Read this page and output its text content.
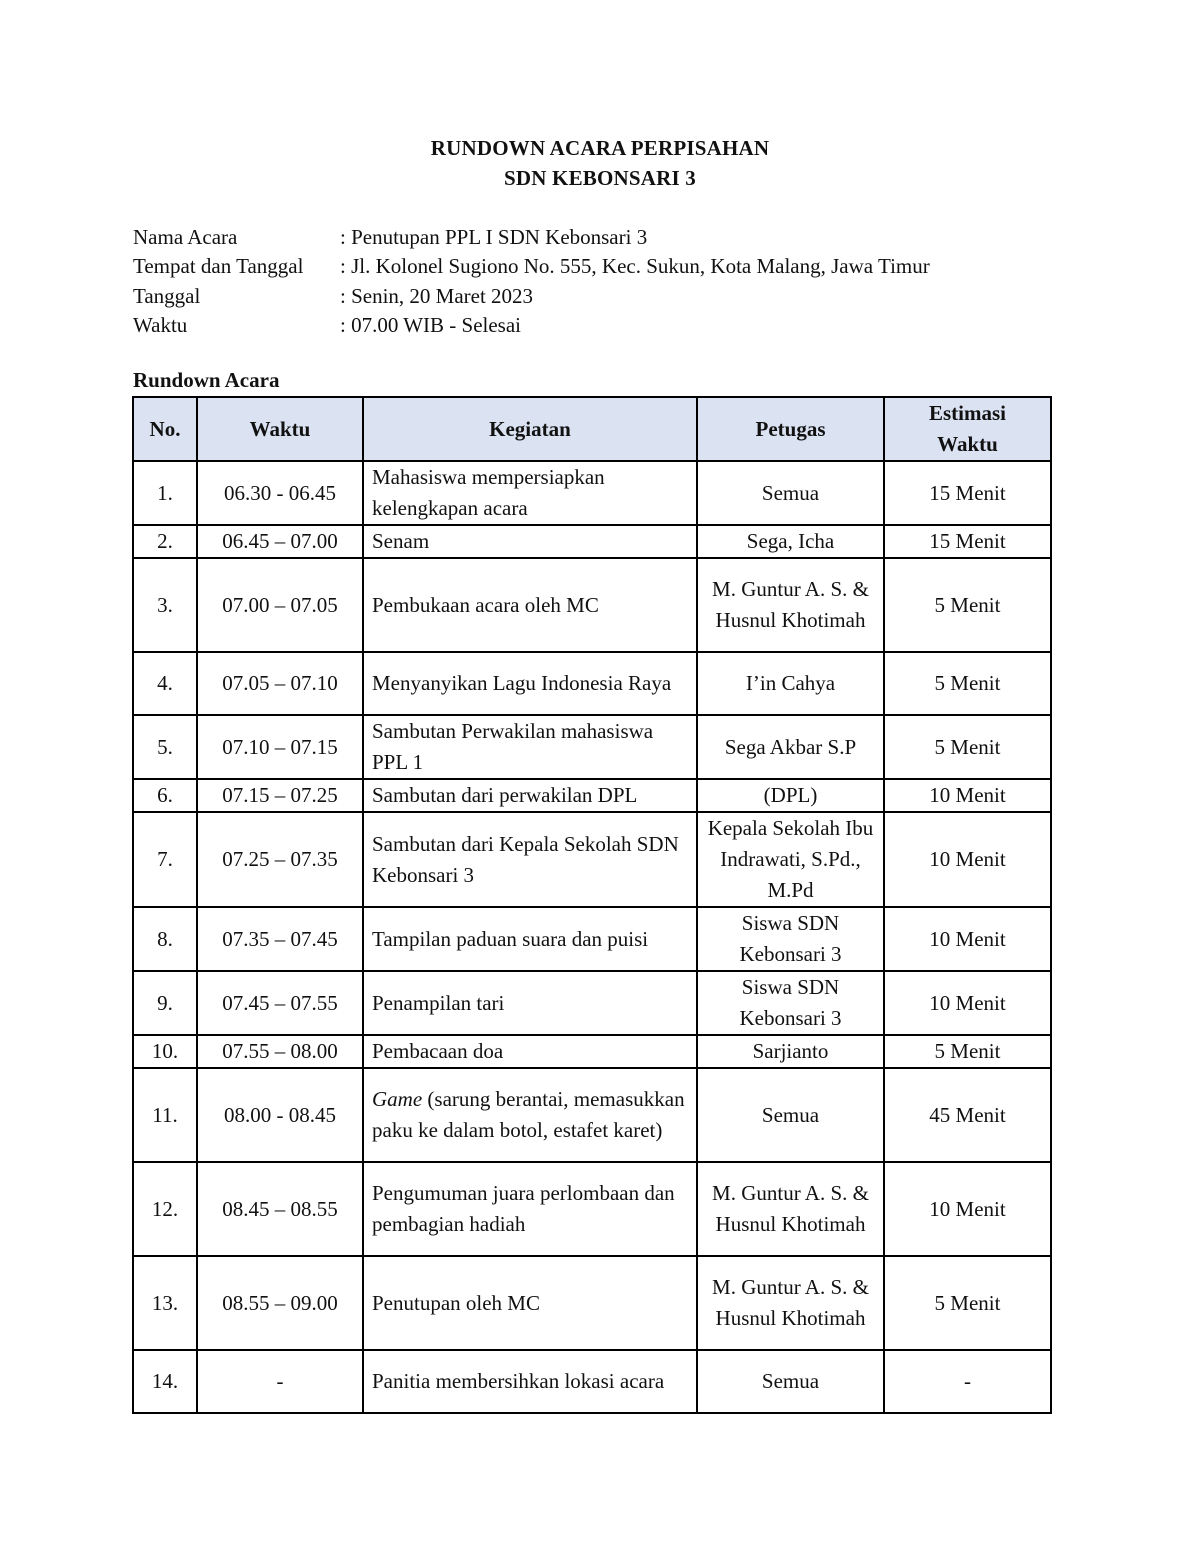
RUNDOWN ACARA PERPISAHAN
SDN KEBONSARI 3
Nama Acara	: Penutupan PPL I SDN Kebonsari 3
Tempat dan Tanggal : Jl. Kolonel Sugiono No. 555, Kec. Sukun, Kota Malang, Jawa Timur
Tanggal	: Senin, 20 Maret 2023
Waktu	: 07.00 WIB - Selesai
Rundown Acara
No.	Waktu	Kegiatan	Petugas	Estimasi
Waktu
1.	06.30 - 06.45	Mahasiswa mempersiapkan kelengkapan acara	Semua	15 Menit
2.	06.45 – 07.00	Senam	Sega, Icha	15 Menit
3.	07.00 – 07.05	Pembukaan acara oleh MC	M. Guntur A. S. & Husnul Khotimah	5 Menit
4.	07.05 – 07.10	Menyanyikan Lagu Indonesia Raya	I’in Cahya	5 Menit
5.	07.10 – 07.15	Sambutan Perwakilan mahasiswa PPL 1	Sega Akbar S.P	5 Menit
6.	07.15 – 07.25	Sambutan dari perwakilan DPL	(DPL)	10 Menit
7.	07.25 – 07.35	Sambutan dari Kepala Sekolah SDN Kebonsari 3	Kepala Sekolah Ibu Indrawati, S.Pd., M.Pd	10 Menit
8.	07.35 – 07.45	Tampilan paduan suara dan puisi	Siswa SDN Kebonsari 3	10 Menit
9.	07.45 – 07.55	Penampilan tari	Siswa SDN Kebonsari 3	10 Menit
10.	07.55 – 08.00	Pembacaan doa	Sarjianto	5 Menit
11.	08.00 - 08.45	Game (sarung berantai, memasukkan paku ke dalam botol, estafet karet)	Semua	45 Menit
12.	08.45 – 08.55	Pengumuman juara perlombaan dan pembagian hadiah	M. Guntur A. S. & Husnul Khotimah	10 Menit
13.	08.55 – 09.00	Penutupan oleh MC	M. Guntur A. S. & Husnul Khotimah	5 Menit
14.	-	Panitia membersihkan lokasi acara	Semua	-
